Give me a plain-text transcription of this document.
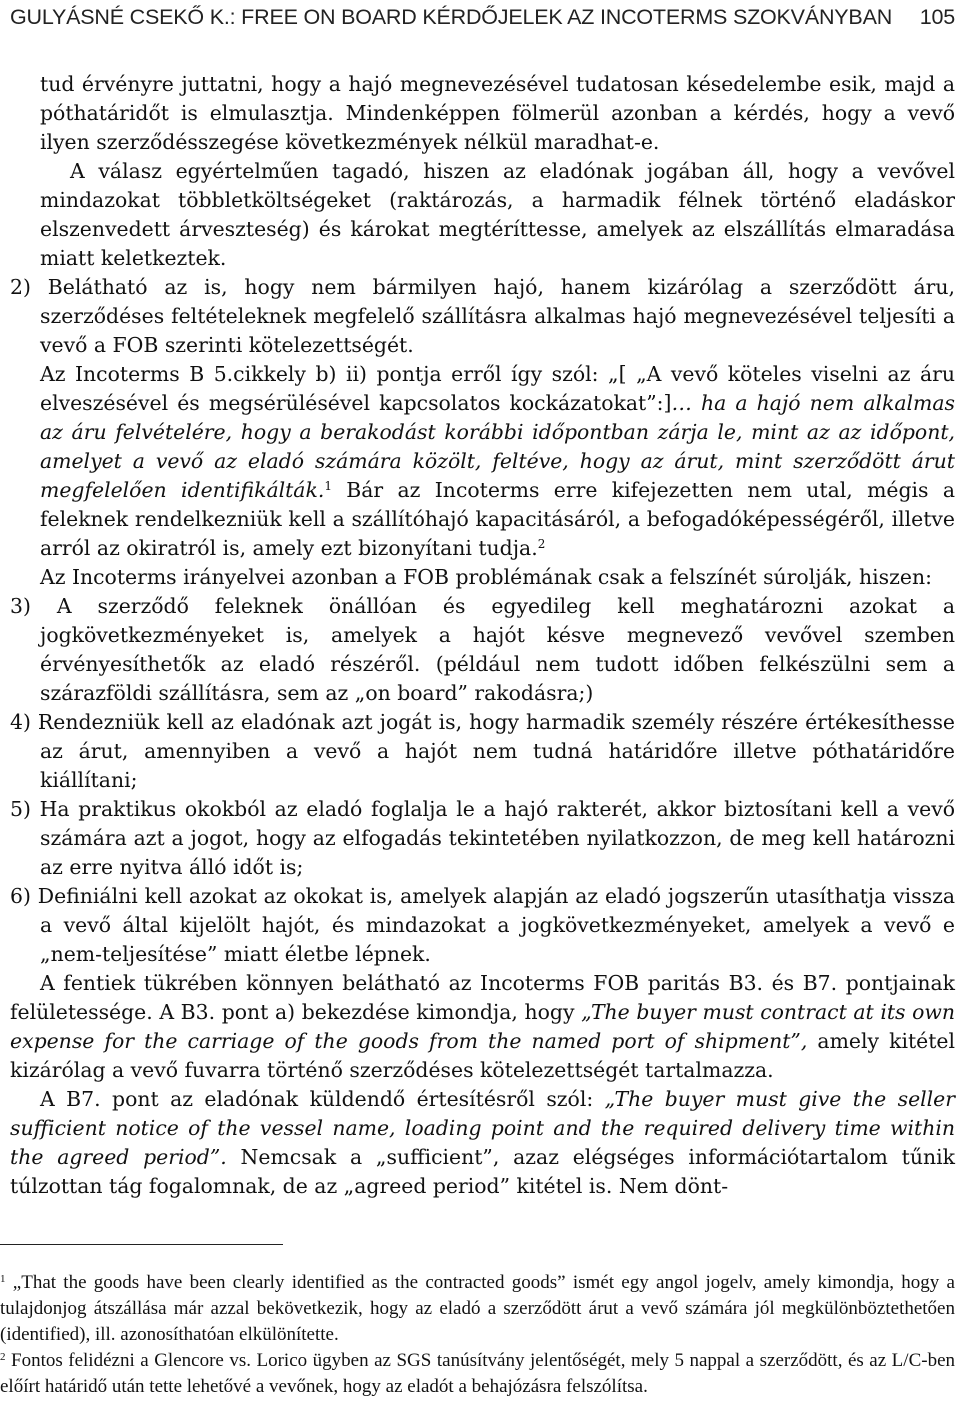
GULYÁSNÉ CSEKŐ K.: FREE ON BOARD KÉRDŐJELEK AZ INCOTERMS SZOKVÁNYBAN 105

tud érvényre juttatni, hogy a hajó megnevezésével tudatosan késedelembe esik, majd a póthatáridőt is elmulasztja. Mindenképpen fölmerül azonban a kérdés, hogy a vevő ilyen szerződésszegése következmények nélkül maradhat-e.

A válasz egyértelműen tagadó, hiszen az eladónak jogában áll, hogy a vevővel mindazokat többletköltségeket (raktározás, a harmadik félnek történő eladáskor elszenvedett árveszteség) és károkat megtéríttesse, amelyek az elszállítás elmaradása miatt keletkeztek.

2) Belátható az is, hogy nem bármilyen hajó, hanem kizárólag a szerződött áru, szerződéses feltételeknek megfelelő szállításra alkalmas hajó megnevezésével teljesíti a vevő a FOB szerinti kötelezettségét.

Az Incoterms B 5.cikkely b) ii) pontja erről így szól: „[ „A vevő köteles viselni az áru elveszésével és megsérülésével kapcsolatos kockázatokat”:]… ha a hajó nem alkalmas az áru felvételére, hogy a berakodást korábbi időpontban zárja le, mint az az időpont, amelyet a vevő az eladó számára közölt, feltéve, hogy az árut, mint szerződött árut megfelelően identifikálták.$^1$ Bár az Incoterms erre kifejezetten nem utal, mégis a feleknek rendelkezniük kell a szállítóhajó kapacitásáról, a befogadóképességéről, illetve arról az okiratról is, amely ezt bizonyítani tudja.$^2$

Az Incoterms irányelvei azonban a FOB problémának csak a felszínét súrolják, hiszen:

3) A szerződő feleknek önállóan és egyedileg kell meghatározni azokat a jogkövetkezményeket is, amelyek a hajót késve megnevező vevővel szemben érvényesíthetők az eladó részéről. (például nem tudott időben felkészülni sem a szárazföldi szállításra, sem az „on board” rakodásra;)

4) Rendezniük kell az eladónak azt jogát is, hogy harmadik személy részére értékesíthesse az árut, amennyiben a vevő a hajót nem tudná határidőre illetve póthatáridőre kiállítani;

5) Ha praktikus okokból az eladó foglalja le a hajó rakterét, akkor biztosítani kell a vevő számára azt a jogot, hogy az elfogadás tekintetében nyilatkozzon, de meg kell határozni az erre nyitva álló időt is;

6) Definiálni kell azokat az okokat is, amelyek alapján az eladó jogszerűn utasíthatja vissza a vevő által kijelölt hajót, és mindazokat a jogkövetkezményeket, amelyek a vevő e „nem-teljesítése” miatt életbe lépnek.

A fentiek tükrében könnyen belátható az Incoterms FOB paritás B3. és B7. pontjainak felületessége. A B3. pont a) bekezdése kimondja, hogy „The buyer must contract at its own expense for the carriage of the goods from the named port of shipment”, amely kitétel kizárólag a vevő fuvarra történő szerződéses kötelezettségét tartalmazza.

A B7. pont az eladónak küldendő értesítésről szól: „The buyer must give the seller sufficient notice of the vessel name, loading point and the required delivery time within the agreed period”. Nemcsak a „sufficient”, azaz elégséges információtartalom tűnik túlzottan tág fogalomnak, de az „agreed period” kitétel is. Nem dönt-

$^1$ „That the goods have been clearly identified as the contracted goods” ismét egy angol jogelv, amely kimondja, hogy a tulajdonjog átszállása már azzal bekövetkezik, hogy az eladó a szerződött árut a vevő számára jól megkülönböztethetően (identified), ill. azonosíthatóan elkülönítette.

$^2$ Fontos felidézni a Glencore vs. Lorico ügyben az SGS tanúsítvány jelentőségét, mely 5 nappal a szerződött, és az L/C-ben előírt határidő után tette lehetővé a vevőnek, hogy az eladót a behajózásra felszólítsa.
